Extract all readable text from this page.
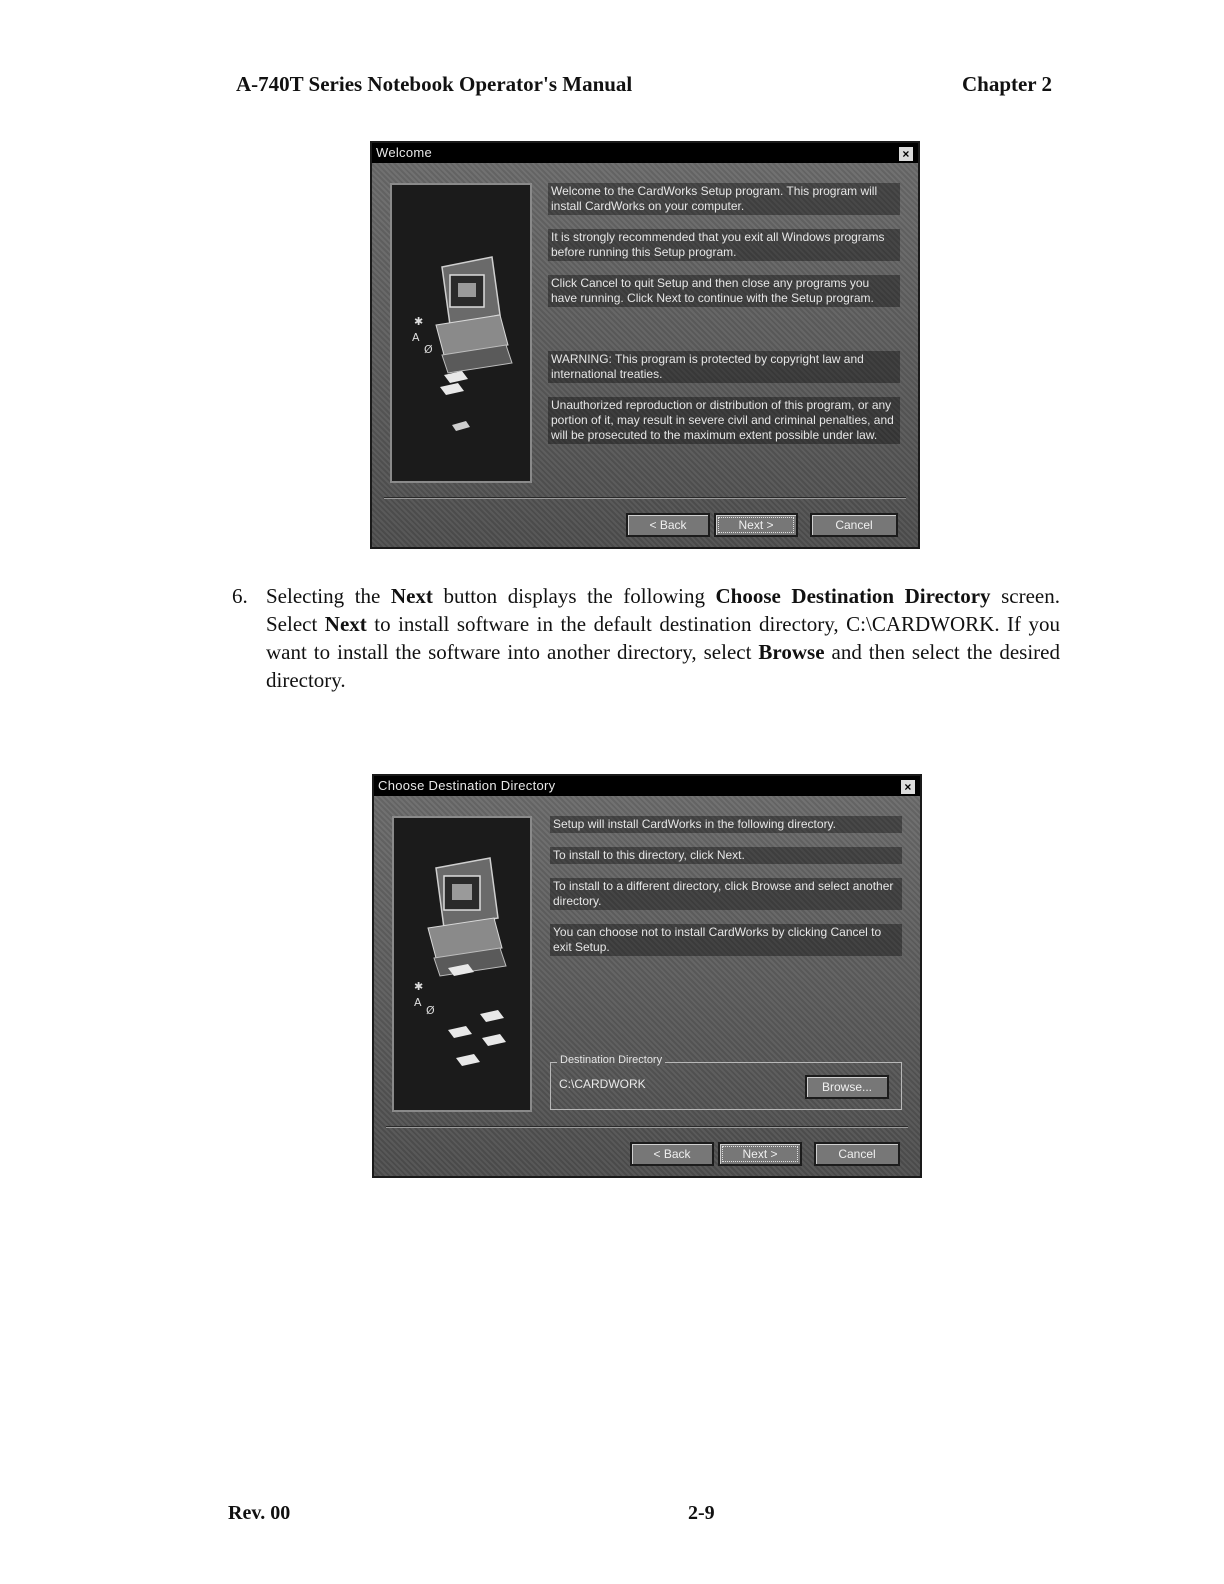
A-740T Series Notebook Operator's Manual	Chapter 2
Welcome	×
✱
A
Ø

Welcome to the CardWorks Setup program. This program will install CardWorks on your computer.

It is strongly recommended that you exit all Windows programs before running this Setup program.

Click Cancel to quit Setup and then close any programs you have running. Click Next to continue with the Setup program.

WARNING: This program is protected by copyright law and international treaties.

Unauthorized reproduction or distribution of this program, or any portion of it, may result in severe civil and criminal penalties, and will be prosecuted to the maximum extent possible under law.

< Back	Next >	Cancel
6. Selecting the Next button displays the following Choose Destination Directory screen. Select Next to install software in the default destination directory, C:\CARDWORK. If you want to install the software into another directory, select Browse and then select the desired directory.
Choose Destination Directory	×
✱
A
Ø

Setup will install CardWorks in the following directory.

To install to this directory, click Next.

To install to a different directory, click Browse and select another directory.

You can choose not to install CardWorks by clicking Cancel to exit Setup.

Destination Directory
C:\CARDWORK	Browse...
< Back	Next >	Cancel
Rev. 00	2-9
